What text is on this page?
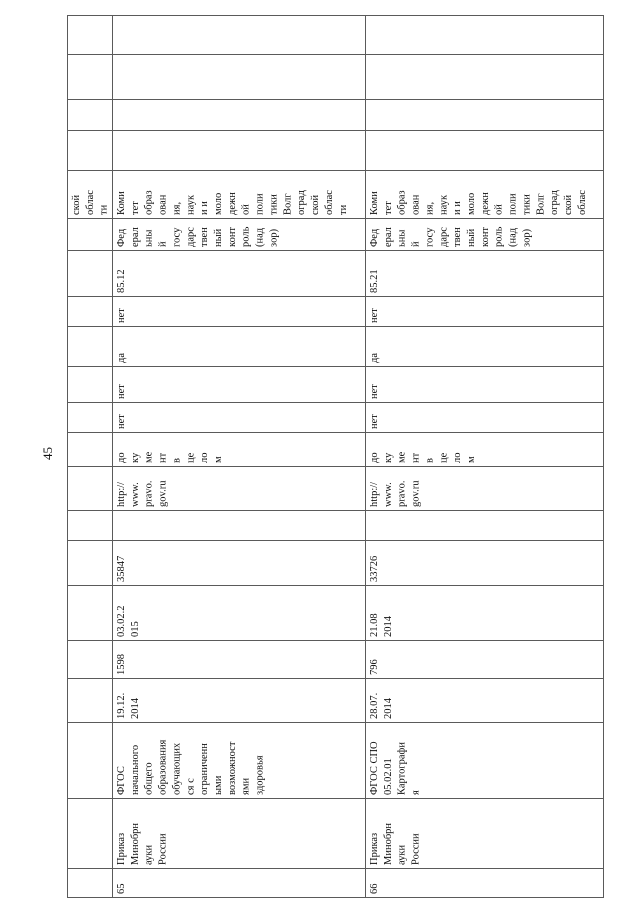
45
ской
облас
ти
65
Приказ
Минобрн
ауки
России
ФГОС
начального
общего
образования
обучающих
ся с
ограниченн
ыми
возможност
ями
здоровья
19.12.
2014
1598
03.02.2
015
35847
http://
www.
pravo.
gov.ru
до
ку
ме
нт
в
це
ло
м
нет
нет
да
нет
85.12
Фед
ерал
ьны
й
госу
дарс
твен
ный
конт
роль
(над
зор)
Коми
тет
образ
ован
ия,
наук
и и
моло
дежн
ой
поли
тики
Волг
оград
ской
облас
ти
66
Приказ
Минобрн
ауки
России
ФГОС СПО
05.02.01
Картографи
я
28.07.
2014
796
21.08
2014
33726
http://
www.
pravo.
gov.ru
до
ку
ме
нт
в
це
ло
м
нет
нет
да
нет
85.21
Фед
ерал
ьны
й
госу
дарс
твен
ный
конт
роль
(над
зор)
Коми
тет
образ
ован
ия,
наук
и и
моло
дежн
ой
поли
тики
Волг
оград
ской
облас
